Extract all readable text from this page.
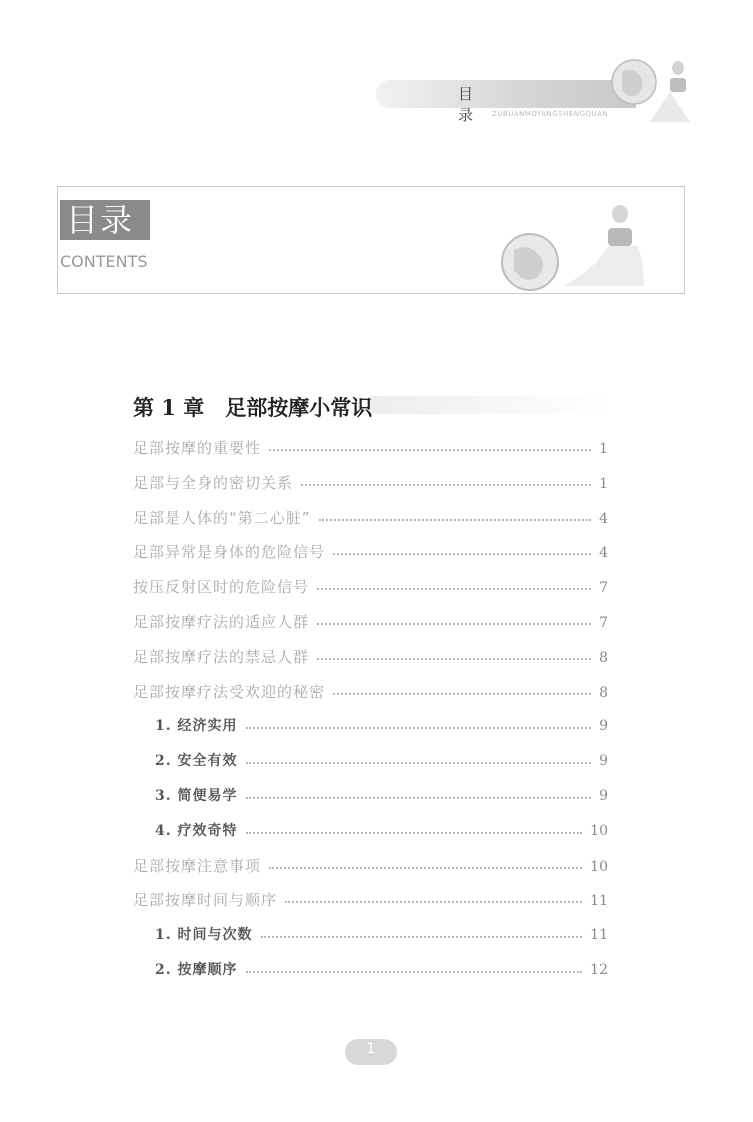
目 录 ZUBUANMOYANGSHENGQUAN
目录
CONTENTS
第 1 章　足部按摩小常识
足部按摩的重要性	1
足部与全身的密切关系	1
足部是人体的“第二心脏”	4
足部异常是身体的危险信号	4
按压反射区时的危险信号	7
足部按摩疗法的适应人群	7
足部按摩疗法的禁忌人群	8
足部按摩疗法受欢迎的秘密	8
1. 经济实用	9
2. 安全有效	9
3. 简便易学	9
4. 疗效奇特	10
足部按摩注意事项	10
足部按摩时间与顺序	11
1. 时间与次数	11
2. 按摩顺序	12
1
